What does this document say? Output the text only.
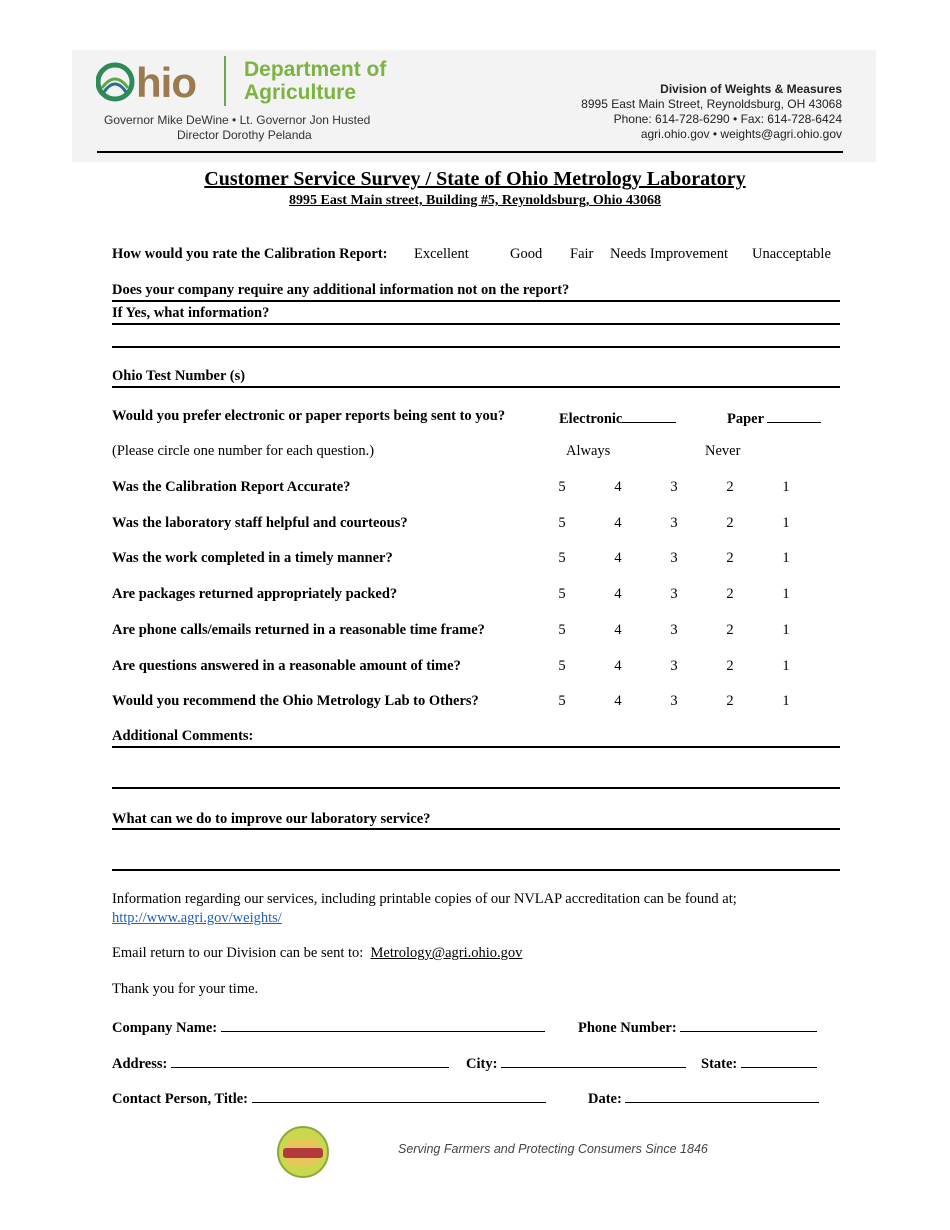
hio Department of
Agriculture
Governor Mike DeWine • Lt. Governor Jon Husted
Director Dorothy Pelanda
Division of Weights & Measures
8995 East Main Street, Reynoldsburg, OH 43068
Phone: 614-728-6290 • Fax: 614-728-6424
agri.ohio.gov • weights@agri.ohio.gov
Customer Service Survey / State of Ohio Metrology Laboratory
8995 East Main street, Building #5, Reynoldsburg, Ohio 43068
How would you rate the Calibration Report: Excellent	Good Fair Needs Improvement Unacceptable
Does your company require any additional information not on the report?
If Yes, what information?
Ohio Test Number (s)
Would you prefer electronic or paper reports being sent to you?	Electronic	Paper
(Please circle one number for each question.)	Always	Never
Was the Calibration Report Accurate?	5	4	3	2	1
Was the laboratory staff helpful and courteous?	5	4	3	2	1
Was the work completed in a timely manner?	5	4	3	2	1
Are packages returned appropriately packed?	5	4	3	2	1
Are phone calls/emails returned in a reasonable time frame?	5	4	3	2	1
Are questions answered in a reasonable amount of time?	5	4	3	2	1
Would you recommend the Ohio Metrology Lab to Others?	5	4	3	2	1
Additional Comments:
What can we do to improve our laboratory service?
Information regarding our services, including printable copies of our NVLAP accreditation can be found at;
http://www.agri.gov/weights/
Email return to our Division can be sent to: Metrology@agri.ohio.gov
Thank you for your time.
Company Name:	Phone Number:
Address:	City:	State:
Contact Person, Title:	Date:
Serving Farmers and Protecting Consumers Since 1846
